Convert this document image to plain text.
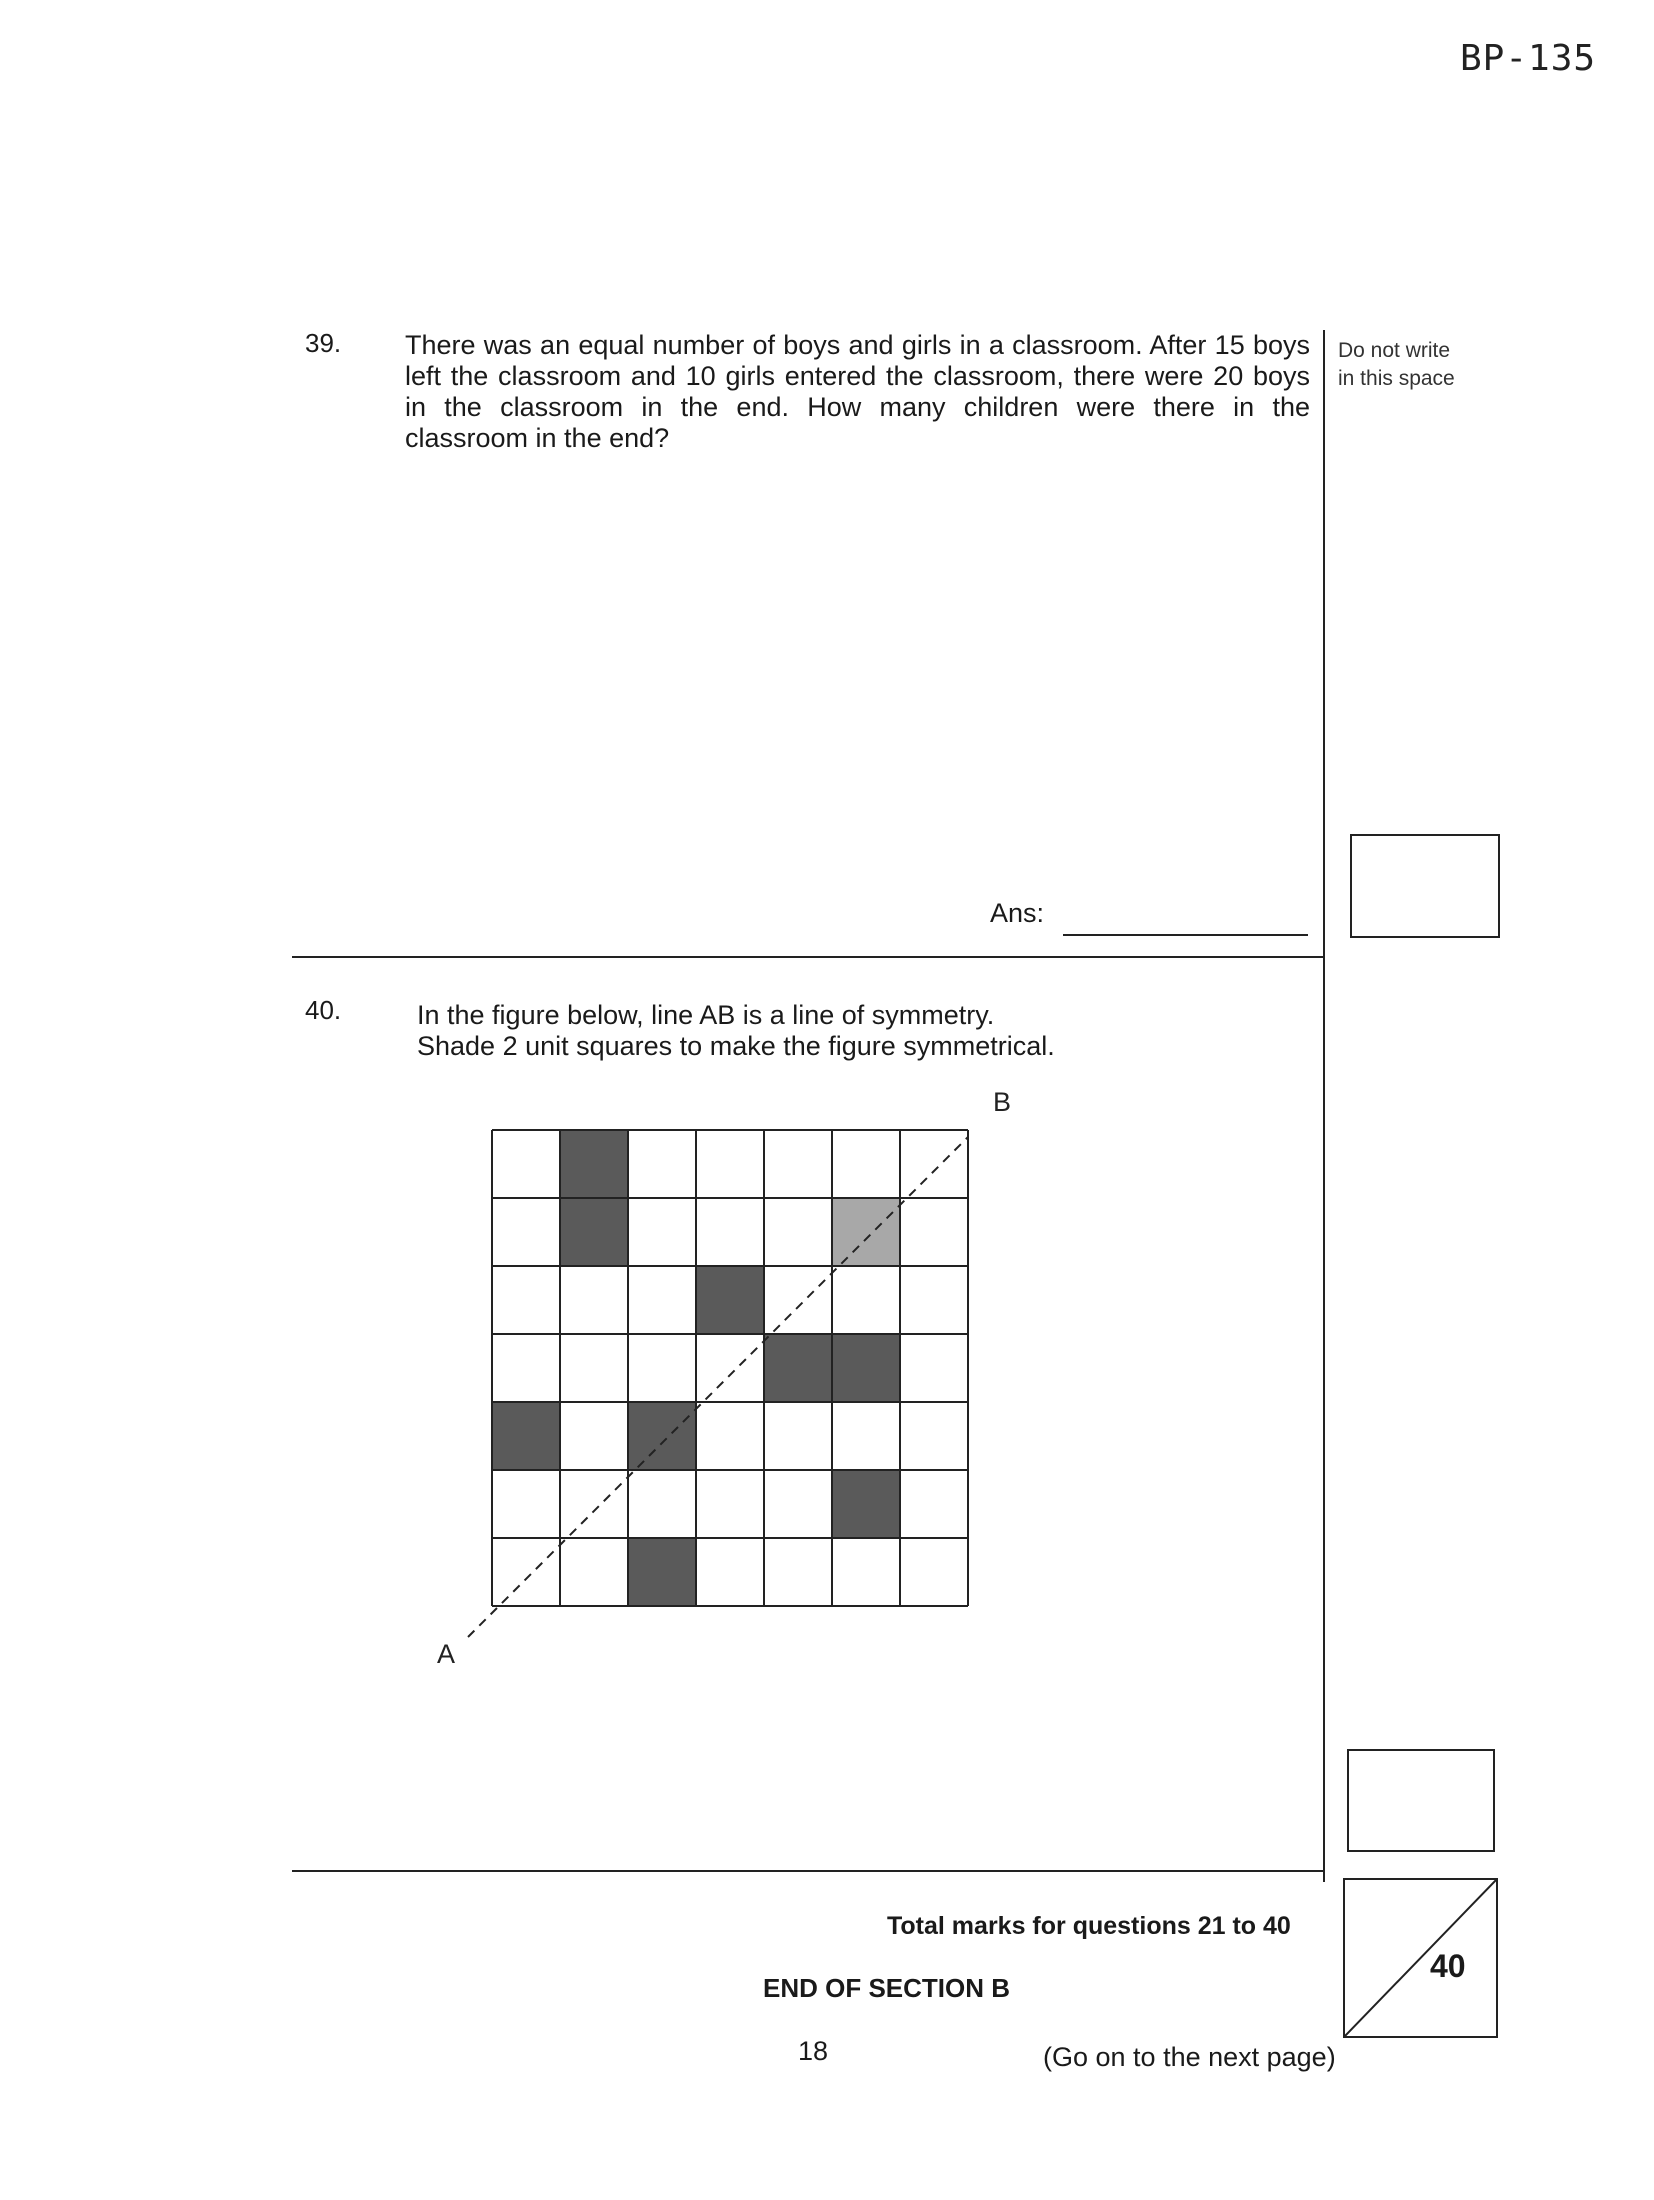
BP-135
Do not write
in this space
39. There was an equal number of boys and girls in a classroom. After 15 boys left the classroom and 10 girls entered the classroom, there were 20 boys in the classroom in the end. How many children were there in the classroom in the end?
Ans:
40.	In the figure below, line AB is a line of symmetry.
Shade 2 unit squares to make the figure symmetrical.
A
B
Total marks for questions 21 to 40
END OF SECTION B
18	(Go on to the next page)
40
